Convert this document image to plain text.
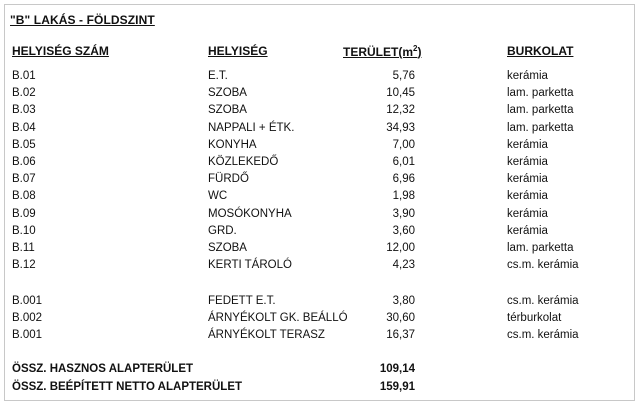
"B" LAKÁS - FÖLDSZINT
HELYISÉG SZÁM	HELYISÉG	$TERÜLET(m^2)$	BURKOLAT
B.01	E.T.	5,76	kerámia
B.02	SZOBA	10,45	lam. parketta
B.03	SZOBA	12,32	lam. parketta
B.04	NAPPALI + ÉTK.	34,93	lam. parketta
B.05	KONYHA	7,00	kerámia
B.06	KÖZLEKEDŐ	6,01	kerámia
B.07	FÜRDŐ	6,96	kerámia
B.08	WC	1,98	kerámia
B.09	MOSÓKONYHA	3,90	kerámia
B.10	GRD.	3,60	kerámia
B.11	SZOBA	12,00	lam. parketta
B.12	KERTI TÁROLÓ	4,23	cs.m. kerámia
B.001	FEDETT E.T.	3,80	cs.m. kerámia
B.002	ÁRNYÉKOLT GK. BEÁLLÓ	30,60	térburkolat
B.001	ÁRNYÉKOLT TERASZ	16,37	cs.m. kerámia
ÖSSZ. HASZNOS ALAPTERÜLET	109,14
ÖSSZ. BEÉPÍTETT NETTO ALAPTERÜLET	159,91
